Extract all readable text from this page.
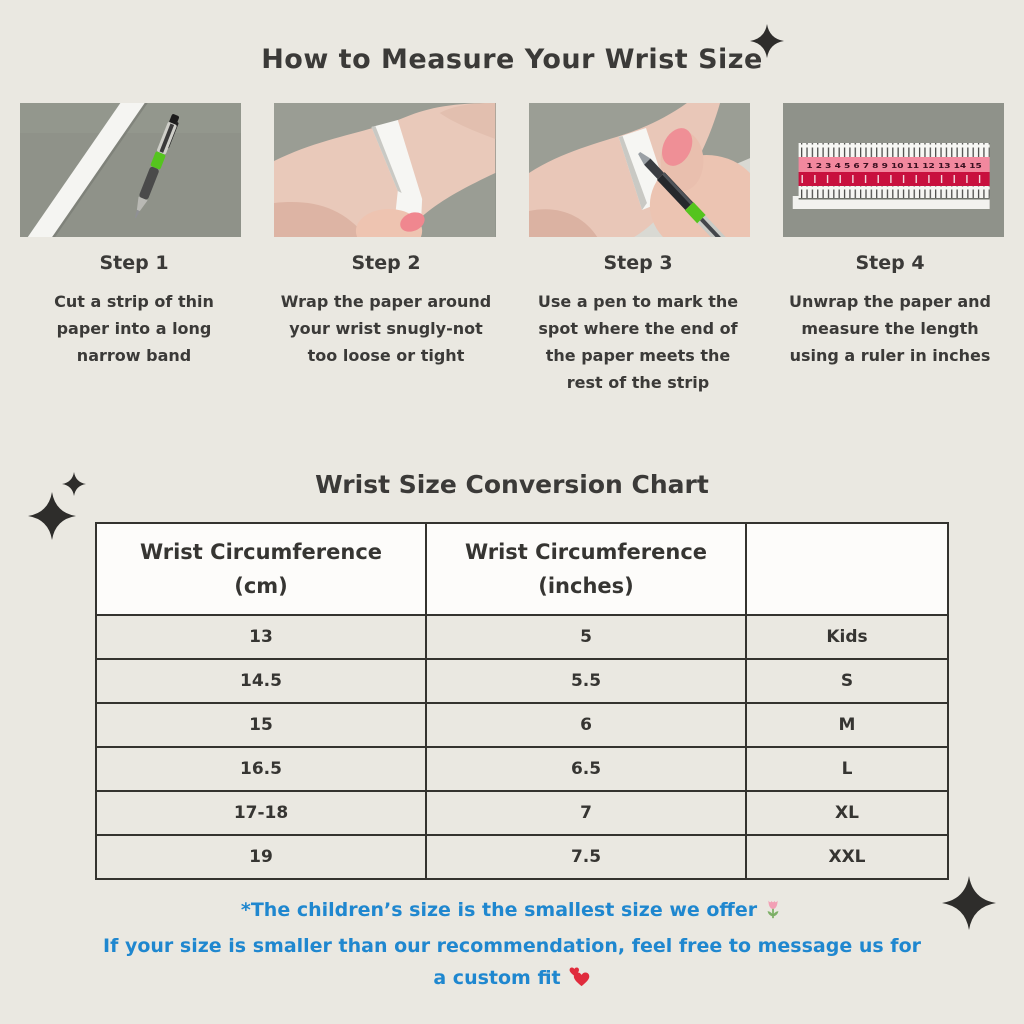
How to Measure Your Wrist Size
1 2 3 4 5 6 7 8 9 10 11 12 13 14 15

Step 1

Cut a strip of thin paper into a long narrow band

Step 2

Wrap the paper around your wrist snugly-not too loose or tight

Step 3

Use a pen to mark the spot where the end of the paper meets the rest of the strip

Step 4

Unwrap the paper and measure the length using a ruler in inches

Wrist Size Conversion Chart
Wrist Circumference
(cm)

Wrist Circumference
(inches)

13	5	Kids
14.5	5.5	S
15	6	M
16.5	6.5	L
17-18	7	XL
19	7.5	XXL
*The children’s size is the smallest size we offer
If your size is smaller than our recommendation, feel free to message us for
a custom fit
